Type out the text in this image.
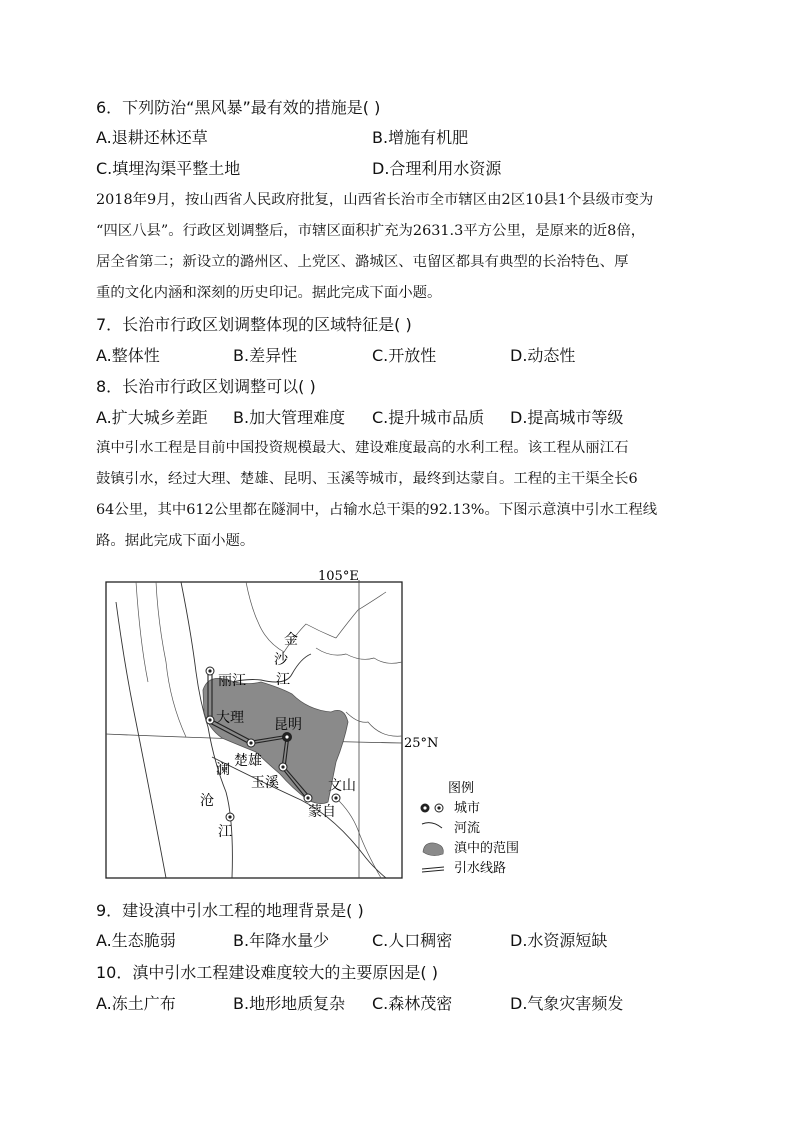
6．下列防治“黑风暴”最有效的措施是( )
A.退耕还林还草	B.增施有机肥
C.填埋沟渠平整土地	D.合理利用水资源
2018年9月，按山西省人民政府批复，山西省长治市全市辖区由2区10县1个县级市变为
“四区八县”。行政区划调整后，市辖区面积扩充为2631.3平方公里，是原来的近8倍，
居全省第二；新设立的潞州区、上党区、潞城区、屯留区都具有典型的长治特色、厚
重的文化内涵和深刻的历史印记。据此完成下面小题。
7．长治市行政区划调整体现的区域特征是( )
A.整体性	B.差异性	C.开放性	D.动态性
8．长治市行政区划调整可以( )
A.扩大城乡差距 B.加大管理难度 C.提升城市品质 D.提高城市等级
滇中引水工程是目前中国投资规模最大、建设难度最高的水利工程。该工程从丽江石
鼓镇引水，经过大理、楚雄、昆明、玉溪等城市，最终到达蒙自。工程的主干渠全长6
64公里，其中612公里都在隧洞中，占输水总干渠的92.13%。下图示意滇中引水工程线
路。据此完成下面小题。
105°E
25°N
丽江
大理 昆明
楚雄
玉溪	文山
蒙自
金
沙
江
澜
沧
江
图例
城市
河流
滇中的范围
引水线路
9．建设滇中引水工程的地理背景是( )
A.生态脆弱	B.年降水量少	C.人口稠密	D.水资源短缺
10．滇中引水工程建设难度较大的主要原因是( )
A.冻土广布	B.地形地质复杂 C.森林茂密	D.气象灾害频发
